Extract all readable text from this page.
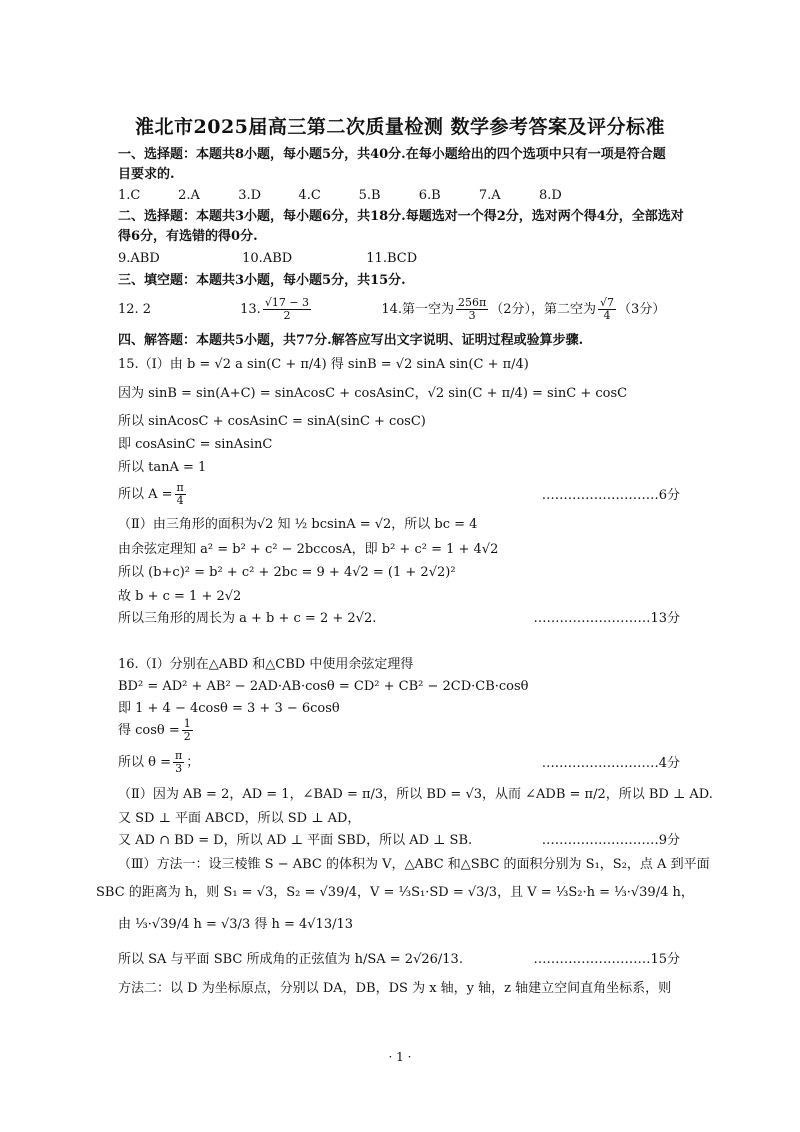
淮北市2025届高三第二次质量检测 数学参考答案及评分标准
一、选择题：本题共8小题，每小题5分，共40分.在每小题给出的四个选项中只有一项是符合题
目要求的.
1.C	2.A	3.D	4.C	5.B	6.B	7.A	8.D
二、选择题：本题共3小题，每小题6分，共18分.每题选对一个得2分，选对两个得4分，全部选对
得6分，有选错的得0分.
9.ABD	10.ABD	11.BCD
三、填空题：本题共3小题，每小题5分，共15分.
12. 2	13. $\frac{√17 - 3}{2}$	14.第一空为 $\frac{256\pi}{3} (2$分），第二空为 $\frac{√7}{4} (3$分）
四、解答题：本题共5小题，共77分.解答应写出文字说明、证明过程或验算步骤.
15.（Ⅰ）由 b = √2 a sin(C + π/4) 得 sinB = √2 sinA sin(C + π/4)
因为 sinB = sin(A+C) = sinAcosC + cosAsinC，√2 sin(C + π/4) = sinC + cosC
所以 sinAcosC + cosAsinC = sinA(sinC + cosC)
即 cosAsinC = sinAsinC
所以 tanA = 1
所以 $A = \frac{\pi}{4}$	………………………6分
（Ⅱ）由三角形的面积为√2 知 ½ bcsinA = √2，所以 bc = 4
由余弦定理知 a² = b² + c² − 2bccosA，即 b² + c² = 1 + 4√2
所以 (b+c)² = b² + c² + 2bc = 9 + 4√2 = (1 + 2√2)²
故 b + c = 1 + 2√2
所以三角形的周长为 a + b + c = 2 + 2√2.	………………………13分
16.（Ⅰ）分别在△ABD 和△CBD 中使用余弦定理得
BD² = AD² + AB² − 2AD·AB·cosθ = CD² + CB² − 2CD·CB·cosθ
即 1 + 4 − 4cosθ = 3 + 3 − 6cosθ
得 $\cos\theta = \frac{1}{2}$
所以 $\theta = \frac{\pi}{3}$ ；	………………………4分
（Ⅱ）因为 AB = 2，AD = 1，∠BAD = π/3，所以 BD = √3，从而 ∠ADB = π/2，所以 BD ⊥ AD.
又 SD ⊥ 平面 ABCD，所以 SD ⊥ AD，
又 AD ∩ BD = D，所以 AD ⊥ 平面 SBD，所以 AD ⊥ SB.	………………………9分
（Ⅲ）方法一：设三棱锥 S − ABC 的体积为 V，△ABC 和△SBC 的面积分别为 S₁，S₂，点 A 到平面
SBC 的距离为 h，则 S₁ = √3，S₂ = √39/4，V = ⅓S₁·SD = √3/3，且 V = ⅓S₂·h = ⅓·√39/4 h，
由 ⅓·√39/4 h = √3/3 得 h = 4√13/13
所以 SA 与平面 SBC 所成角的正弦值为 h/SA = 2√26/13.	………………………15分
方法二：以 D 为坐标原点，分别以 DA，DB，DS 为 x 轴，y 轴，z 轴建立空间直角坐标系，则
· 1 ·
